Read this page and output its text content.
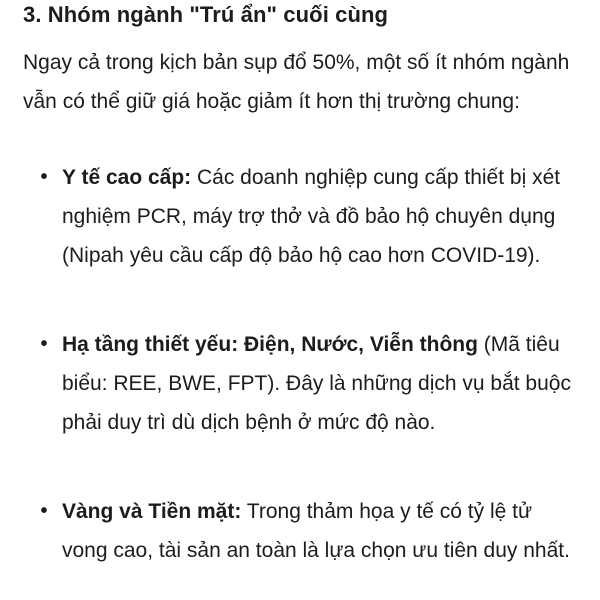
3. Nhóm ngành "Trú ẩn" cuối cùng

Ngay cả trong kịch bản sụp đổ 50%, một số ít nhóm ngành vẫn có thể giữ giá hoặc giảm ít hơn thị trường chung:

• Y tế cao cấp: Các doanh nghiệp cung cấp thiết bị xét nghiệm PCR, máy trợ thở và đồ bảo hộ chuyên dụng (Nipah yêu cầu cấp độ bảo hộ cao hơn COVID-19).

• Hạ tầng thiết yếu: Điện, Nước, Viễn thông (Mã tiêu biểu: REE, BWE, FPT). Đây là những dịch vụ bắt buộc phải duy trì dù dịch bệnh ở mức độ nào.

• Vàng và Tiền mặt: Trong thảm họa y tế có tỷ lệ tử vong cao, tài sản an toàn là lựa chọn ưu tiên duy nhất.
